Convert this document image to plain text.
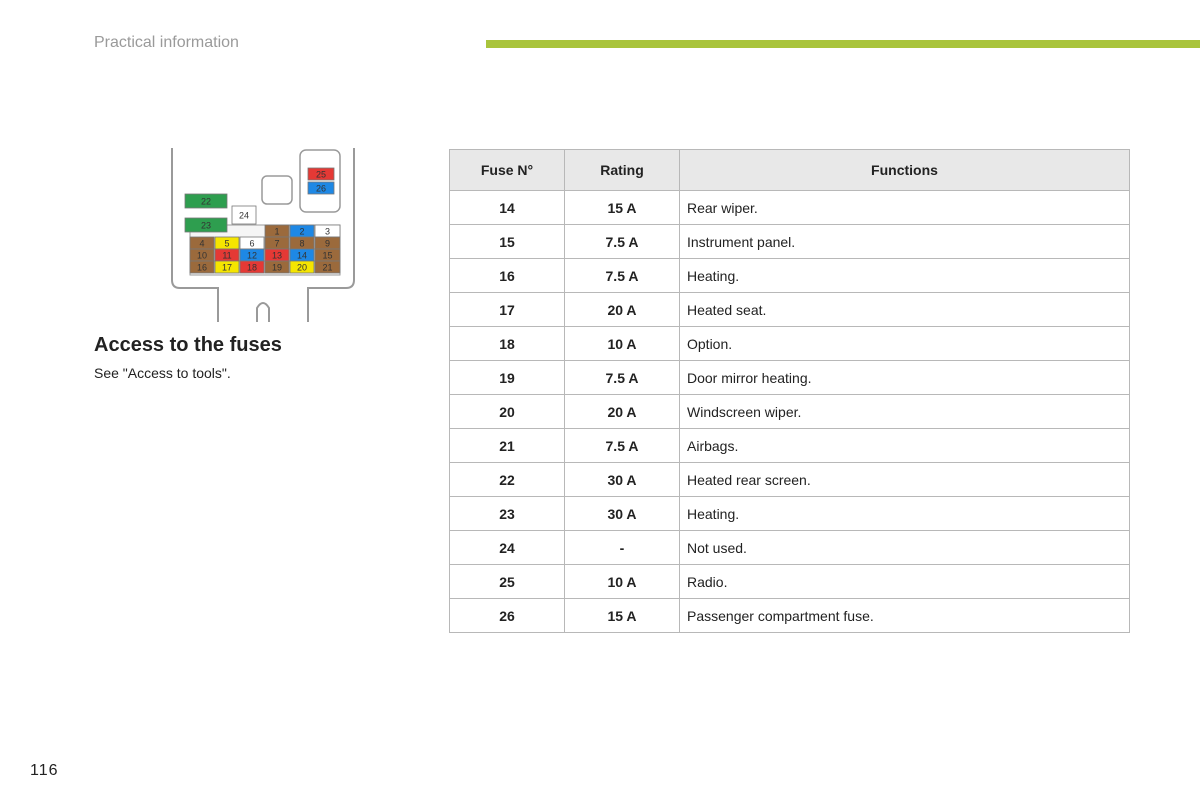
Practical information
25
26
22
23
24
1 2 3
4 5 6 7 8 9
10 11 12 13 14 15
16 17 18 19 20 21
Access to the fuses
See "Access to tools".
Fuse N°	Rating	Functions
14	15 A	Rear wiper.
15	7.5 A	Instrument panel.
16	7.5 A	Heating.
17	20 A	Heated seat.
18	10 A	Option.
19	7.5 A	Door mirror heating.
20	20 A	Windscreen wiper.
21	7.5 A	Airbags.
22	30 A	Heated rear screen.
23	30 A	Heating.
24	-	Not used.
25	10 A	Radio.
26	15 A	Passenger compartment fuse.
116
